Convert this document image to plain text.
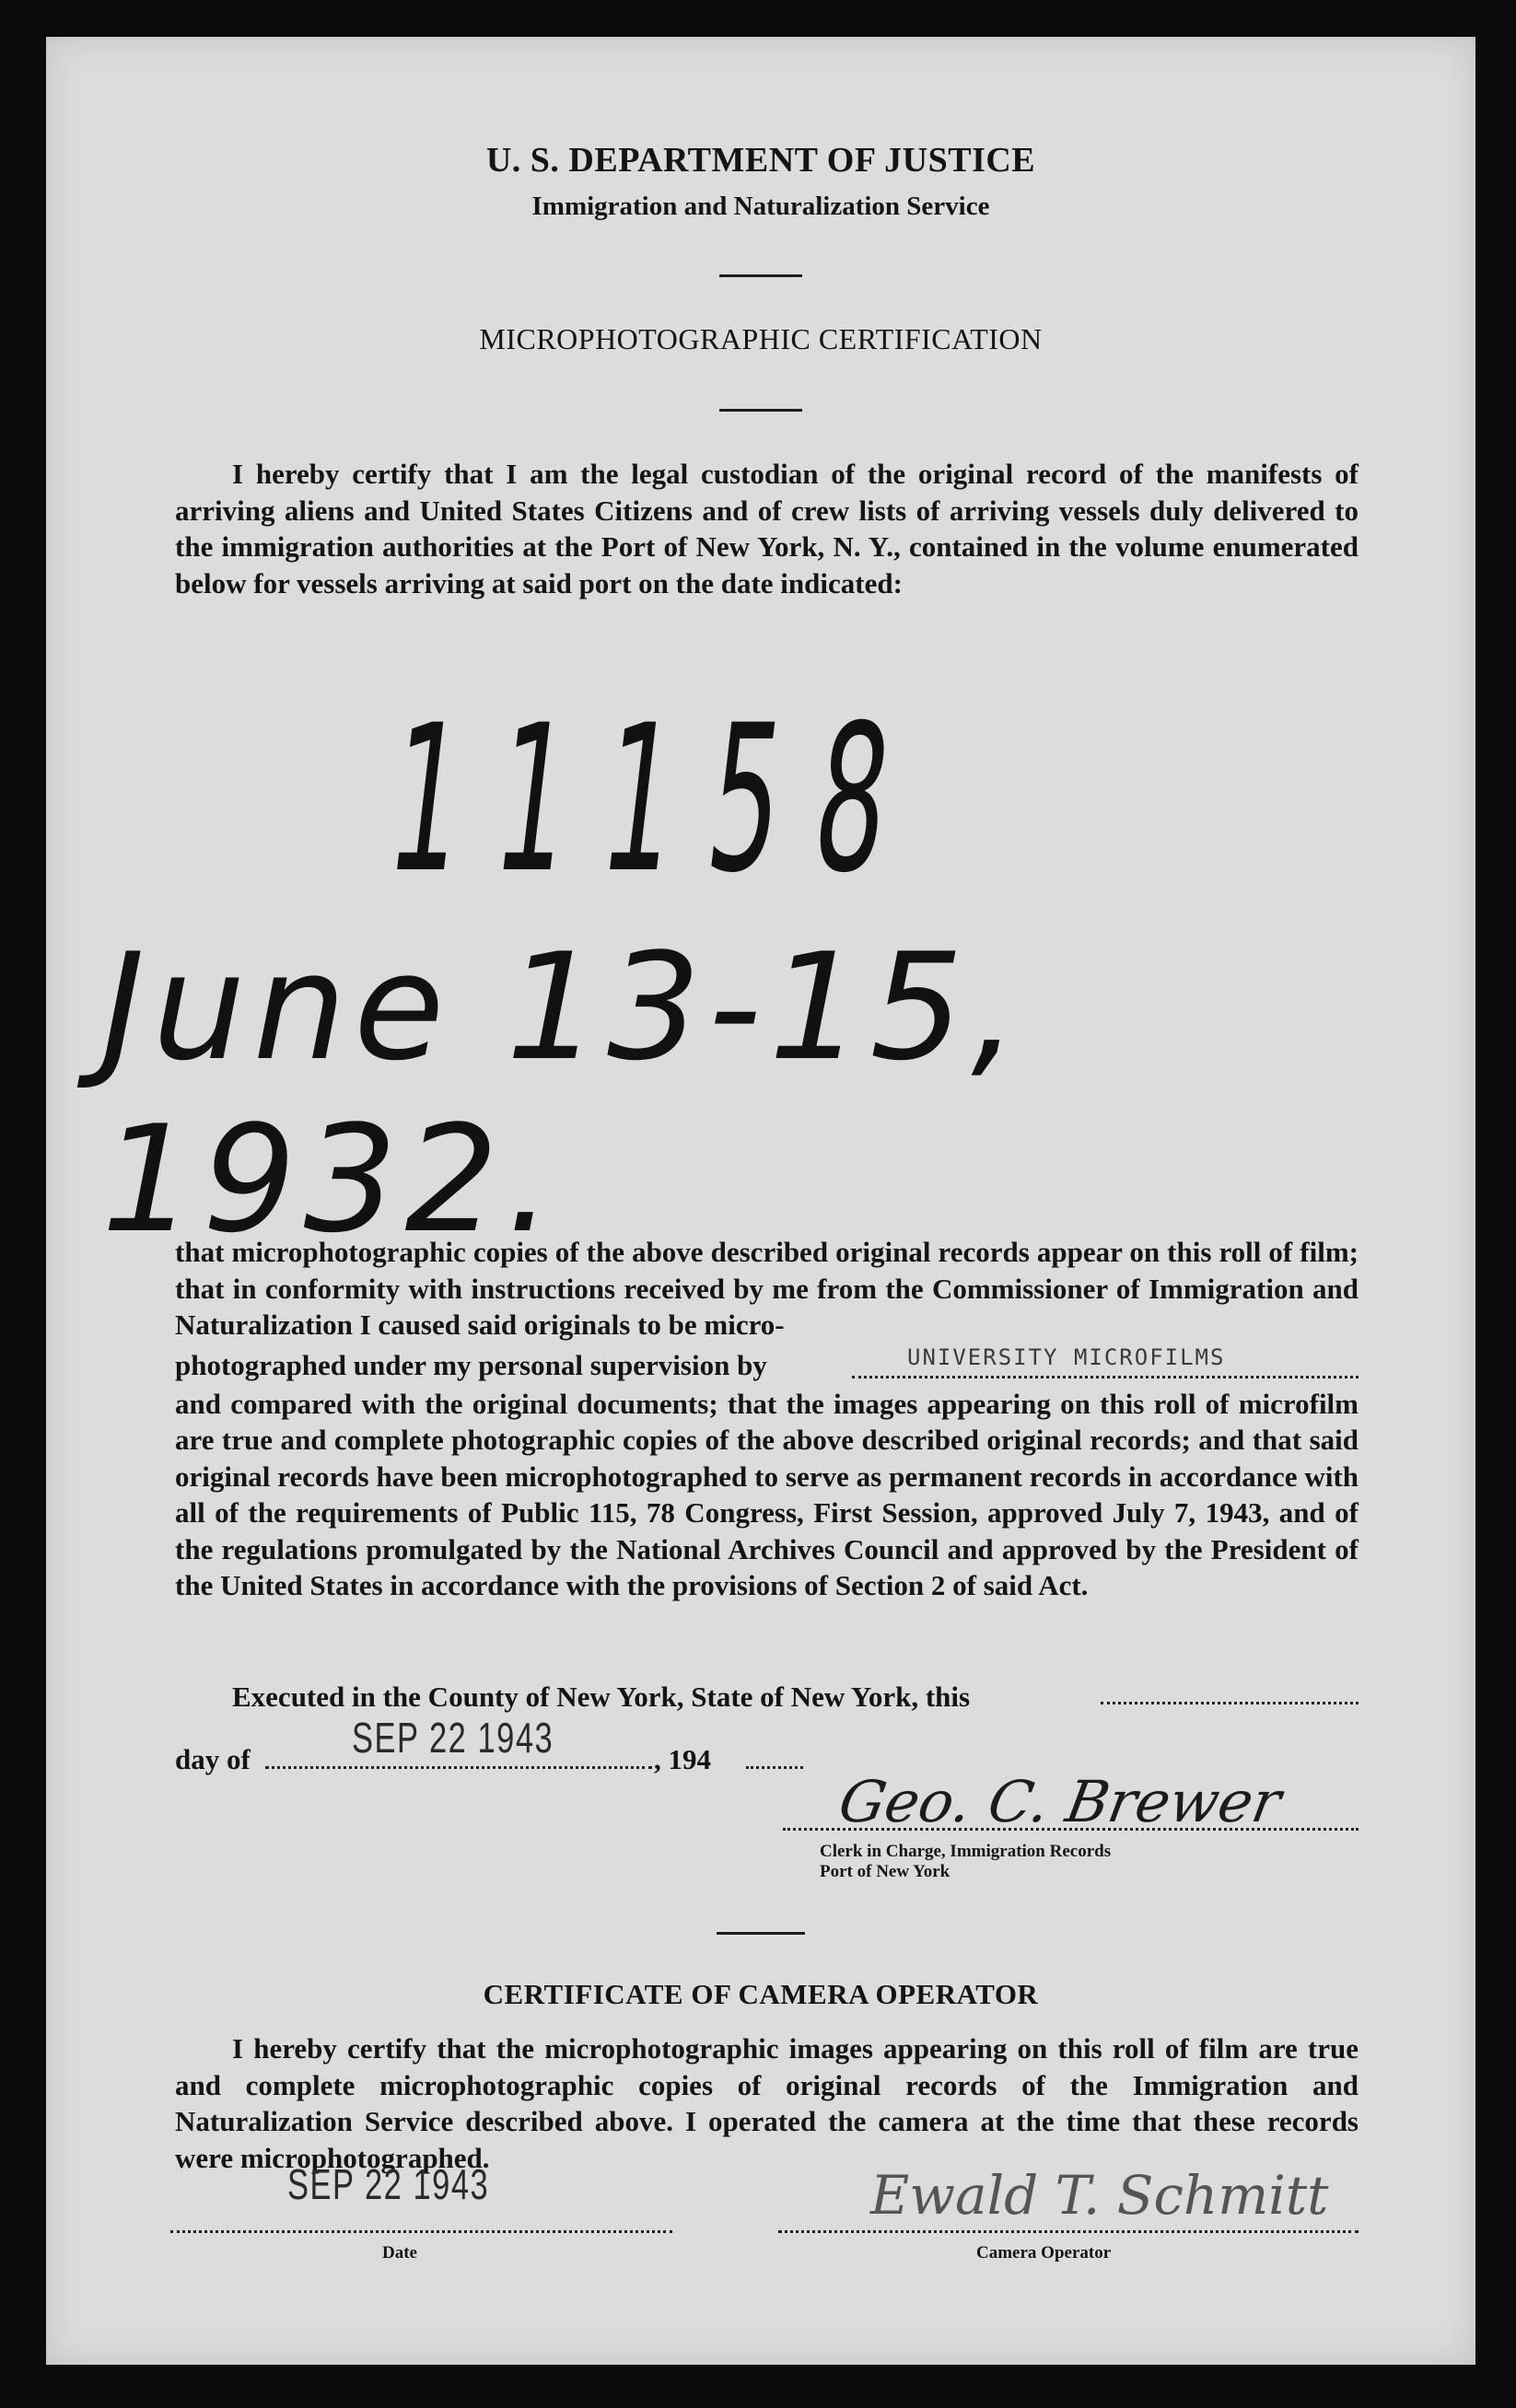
U. S. DEPARTMENT OF JUSTICE
Immigration and Naturalization Service
MICROPHOTOGRAPHIC CERTIFICATION
I hereby certify that I am the legal custodian of the original record of the manifests of arriving aliens and United States Citizens and of crew lists of arriving vessels duly delivered to the immigration authorities at the Port of New York, N. Y., contained in the volume enumerated below for vessels arriving at said port on the date indicated:
11158
June 13-15, 1932.
that microphotographic copies of the above described original records appear on this roll of film; that in conformity with instructions received by me from the Commissioner of Immigration and Naturalization I caused said originals to be micro-
photographed under my personal supervision by	UNIVERSITY MICROFILMS
and compared with the original documents; that the images appearing on this roll of microfilm are true and complete photographic copies of the above described original records; and that said original records have been microphotographed to serve as permanent records in accordance with all of the requirements of Public 115, 78 Congress, First Session, approved July 7, 1943, and of the regulations promulgated by the National Archives Council and approved by the President of the United States in accordance with the provisions of Section 2 of said Act.
Executed in the County of New York, State of New York, this
day of SEP 22 1943	, 194
Geo. C. Brewer
Clerk in Charge, Immigration Records
Port of New York
CERTIFICATE OF CAMERA OPERATOR
I hereby certify that the microphotographic images appearing on this roll of film are true and complete microphotographic copies of original records of the Immigration and Naturalization Service described above. I operated the camera at the time that these records were microphotographed.
SEP 22 1943
Date
Ewald T. Schmitt
Camera Operator
